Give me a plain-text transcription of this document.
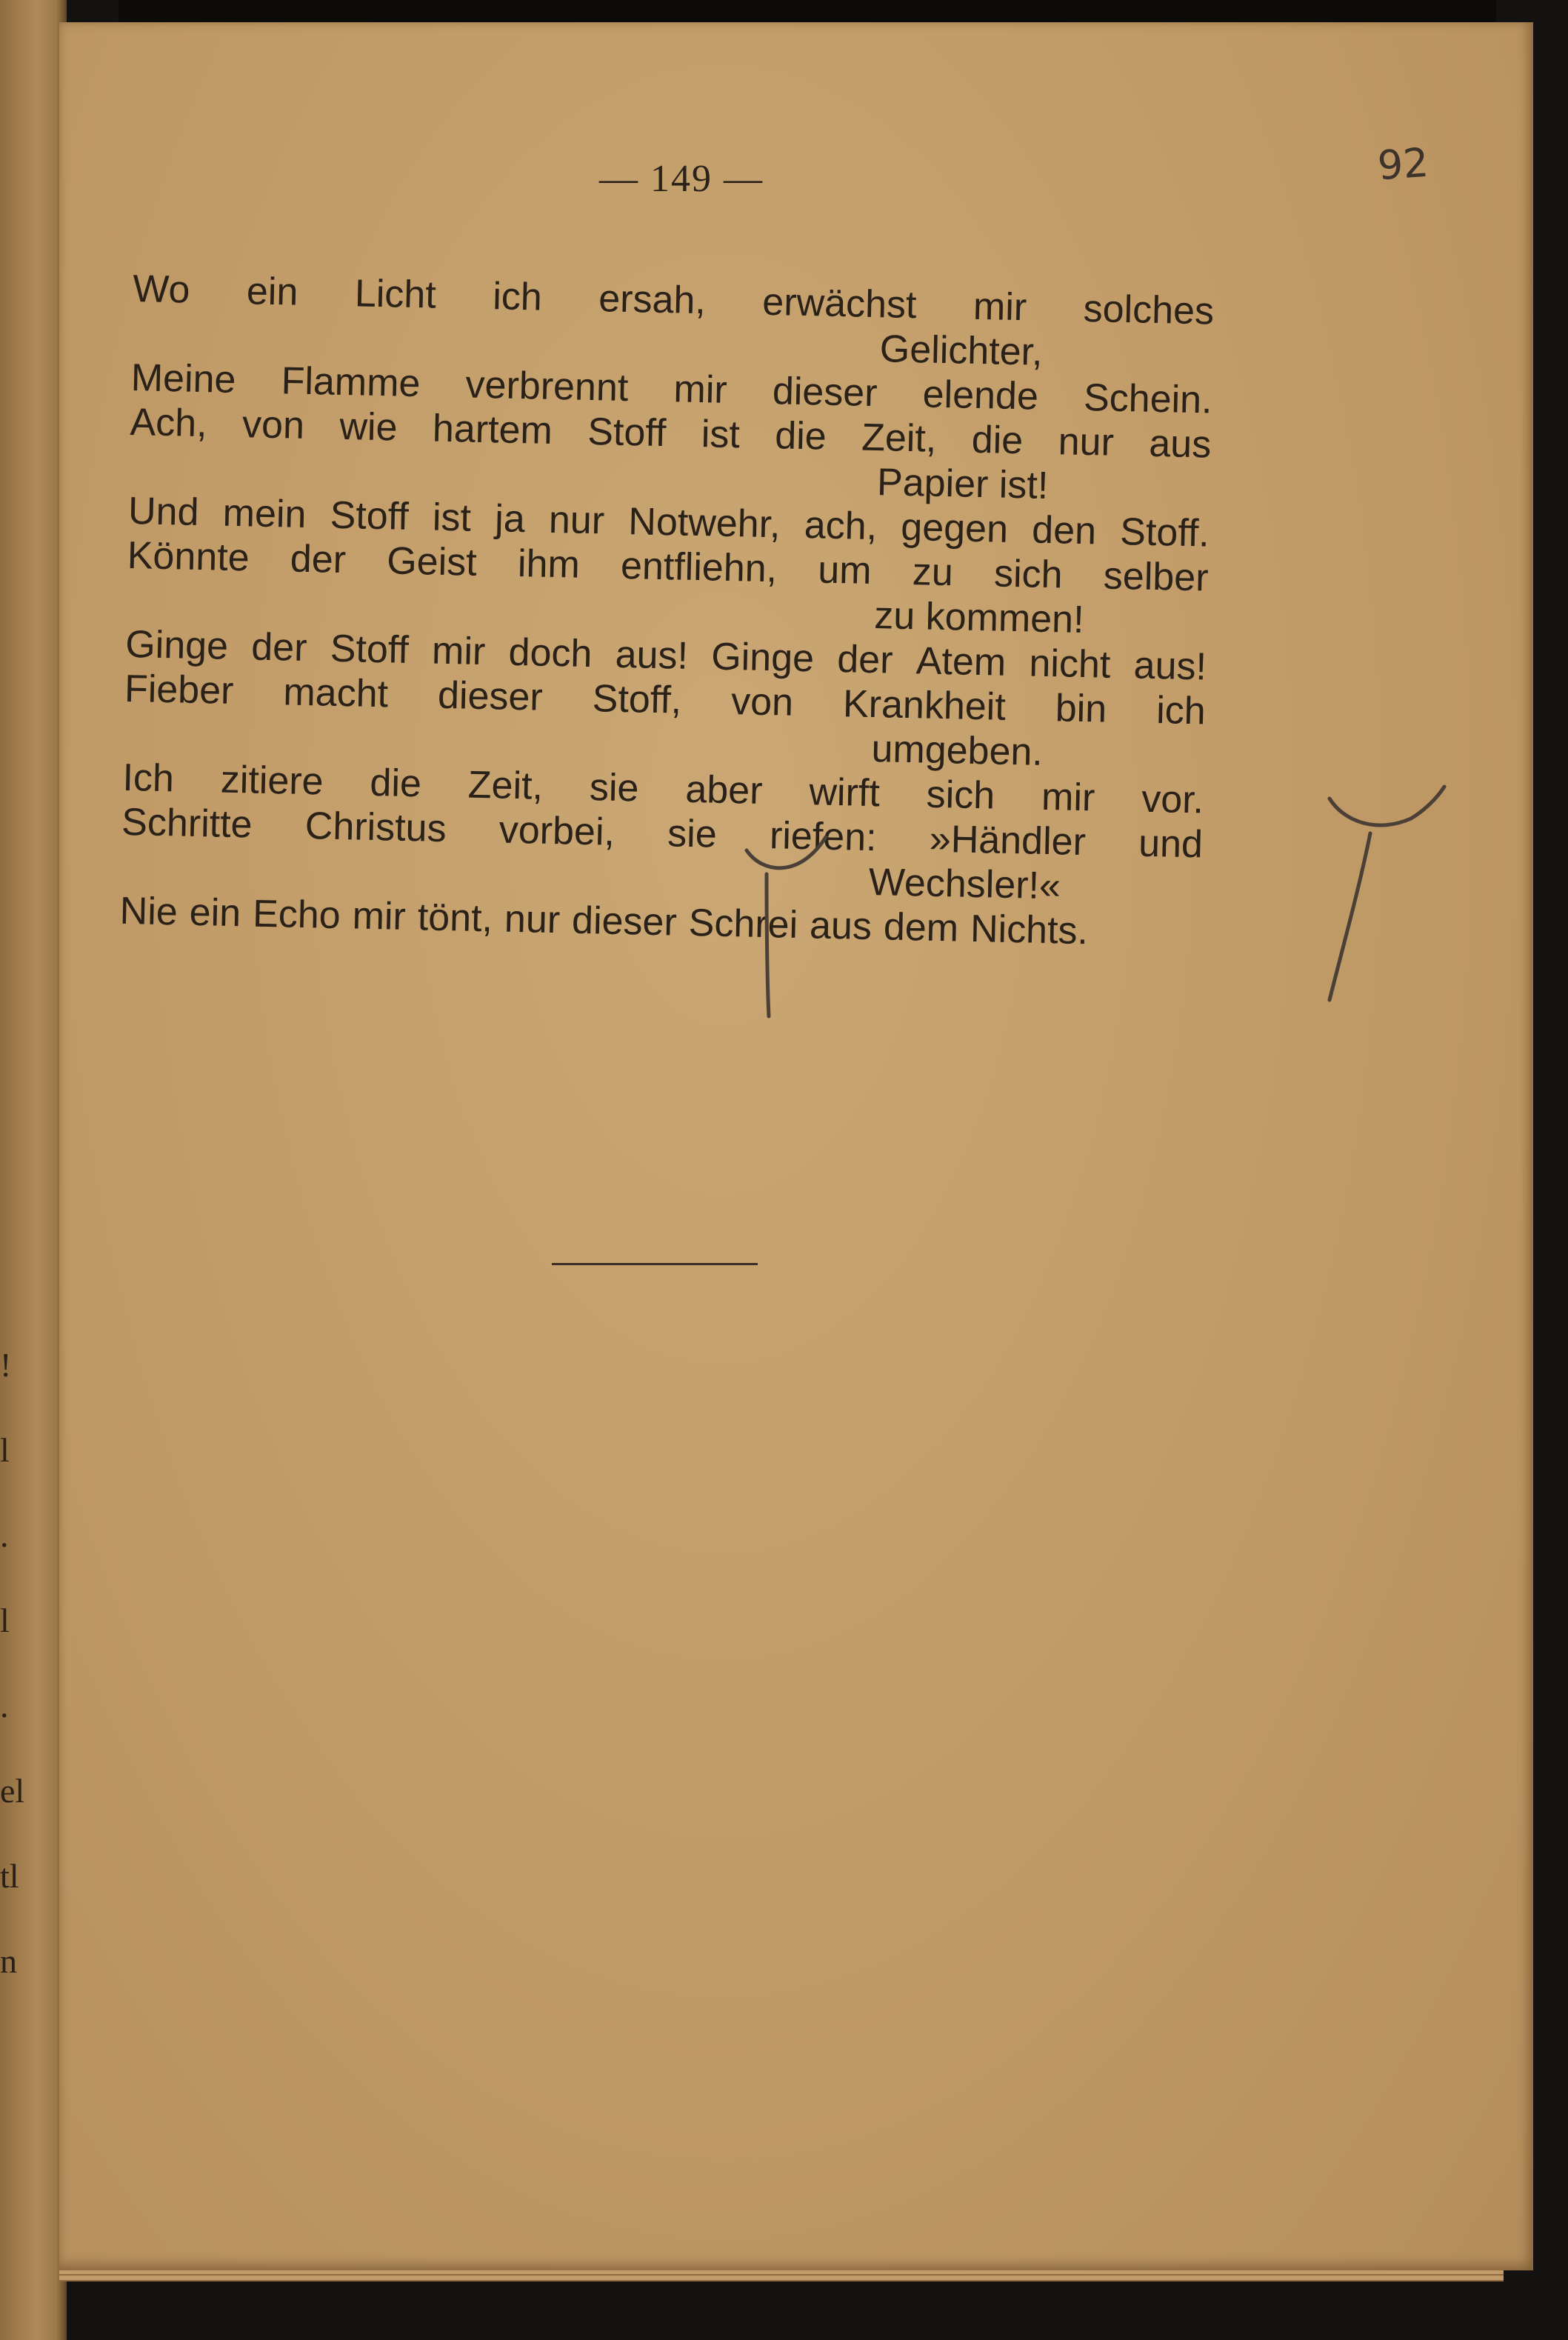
!
l
.
l
.
el
tl
n
— 149 —	92
Wo ein Licht ich ersah, erwächst mir solches
Gelichter,
Meine Flamme verbrennt mir dieser elende Schein.
Ach, von wie hartem Stoff ist die Zeit, die nur aus
Papier ist!
Und mein Stoff ist ja nur Notwehr, ach, gegen den Stoff.
Könnte der Geist ihm entfliehn, um zu sich selber
zu kommen!
Ginge der Stoff mir doch aus! Ginge der Atem nicht aus!
Fieber macht dieser Stoff, von Krankheit bin ich
umgeben.
Ich zitiere die Zeit, sie aber wirft sich mir vor.
Schritte Christus vorbei, sie riefen: »Händler und
Wechsler!«
Nie ein Echo mir tönt, nur dieser Schrei aus dem Nichts.
